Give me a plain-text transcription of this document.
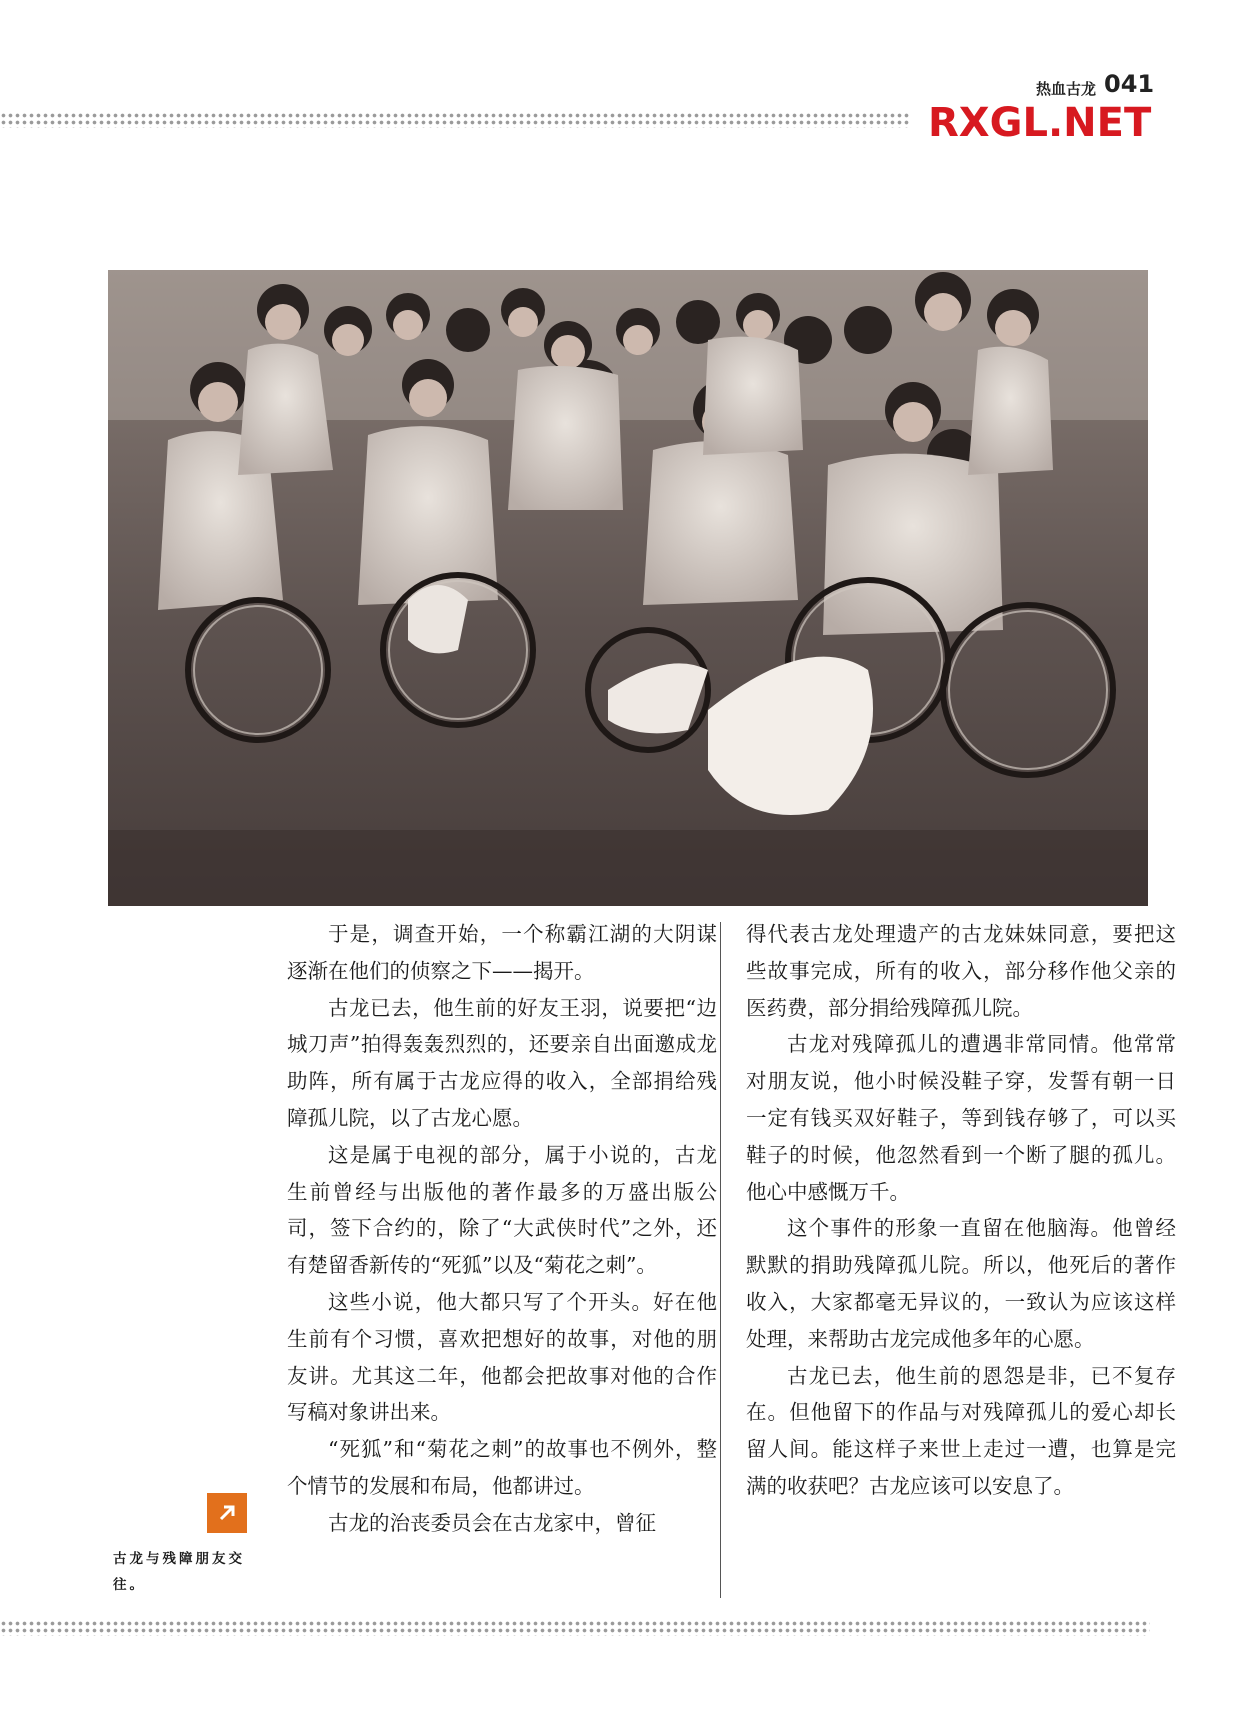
热血古龙 041
RXGL.NET
古龙与残障朋友交往。

于是，调查开始，一个称霸江湖的大阴谋逐渐在他们的侦察之下——揭开。

古龙已去，他生前的好友王羽，说要把“边城刀声”拍得轰轰烈烈的，还要亲自出面邀成龙助阵，所有属于古龙应得的收入，全部捐给残障孤儿院，以了古龙心愿。

这是属于电视的部分，属于小说的，古龙生前曾经与出版他的著作最多的万盛出版公司，签下合约的，除了“大武侠时代”之外，还有楚留香新传的“死狐”以及“菊花之刺”。

这些小说，他大都只写了个开头。好在他生前有个习惯，喜欢把想好的故事，对他的朋友讲。尤其这二年，他都会把故事对他的合作写稿对象讲出来。

“死狐”和“菊花之刺”的故事也不例外，整个情节的发展和布局，他都讲过。

古龙的治丧委员会在古龙家中，曾征

得代表古龙处理遗产的古龙妹妹同意，要把这些故事完成，所有的收入，部分移作他父亲的医药费，部分捐给残障孤儿院。

古龙对残障孤儿的遭遇非常同情。他常常对朋友说，他小时候没鞋子穿，发誓有朝一日一定有钱买双好鞋子，等到钱存够了，可以买鞋子的时候，他忽然看到一个断了腿的孤儿。他心中感慨万千。

这个事件的形象一直留在他脑海。他曾经默默的捐助残障孤儿院。所以，他死后的著作收入，大家都毫无异议的，一致认为应该这样处理，来帮助古龙完成他多年的心愿。

古龙已去，他生前的恩怨是非，已不复存在。但他留下的作品与对残障孤儿的爱心却长留人间。能这样子来世上走过一遭，也算是完满的收获吧？古龙应该可以安息了。
